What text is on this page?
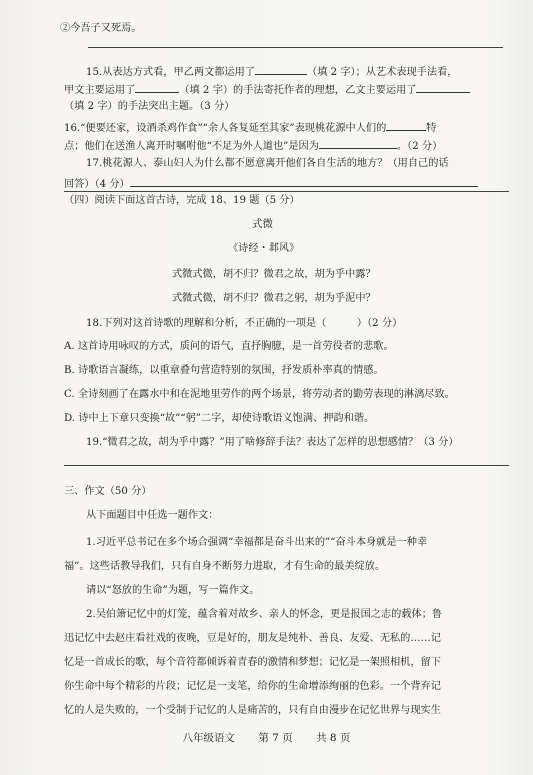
②今吾子又死焉。
15.从表达方式看，甲乙两文都运用了	（填 2 字）；从艺术表现手法看，
甲文主要运用了	（填 2 字）的手法寄托作者的理想，乙文主要运用了
（填 2 字）的手法突出主题。（3 分）
16.“便要还家，设酒杀鸡作食”“余人各复延至其家”表现桃花源中人们的	特
点；他们在送渔人离开时嘱咐他“不足为外人道也”是因为	。（2 分）
17.桃花源人、泰山妇人为什么都不愿意离开他们各自生活的地方？（用自己的话
回答）（4 分）
（四）阅读下面这首古诗，完成 18、19 题（5 分）
式微
《诗经・邶风》
式微式微，胡不归？微君之故，胡为乎中露？
式微式微，胡不归？微君之躬，胡为乎泥中？
18.下列对这首诗歌的理解和分析，不正确的一项是（　　　）（2 分）
A. 这首诗用咏叹的方式，质问的语气，直抒胸臆，是一首劳役者的悲歌。
B. 诗歌语言凝练，以重章叠句营造特别的氛围，抒发质朴率真的情感。
C. 全诗刻画了在露水中和在泥地里劳作的两个场景，将劳动者的勤劳表现的淋漓尽致。
D. 诗中上下章只变换“故”“躬”二字，却使诗歌语义饱满、押韵和谐。
19.“微君之故，胡为乎中露？”用了啥修辞手法？表达了怎样的思想感情？（3 分）
三、作文（50 分）
从下面题目中任选一题作文：
1.习近平总书记在多个场合强调“幸福都是奋斗出来的”“奋斗本身就是一种幸
福”。这些话教导我们，只有自身不断努力进取，才有生命的最美绽放。
请以“怒放的生命”为题，写一篇作文。
2.吴伯箫记忆中的灯笼，蕴含着对故乡、亲人的怀念，更是报国之志的载体；鲁
迅记忆中去赵庄看社戏的夜晚，豆是好的，朋友是纯朴、善良、友爱、无私的……记
忆是一首成长的歌，每个音符都倾诉着青春的激情和梦想；记忆是一架照相机，留下
你生命中每个精彩的片段；记忆是一支笔，给你的生命增添绚丽的色彩。一个背弃记
忆的人是失败的，一个受制于记忆的人是痛苦的，只有自由漫步在记忆世界与现实生
八年级语文 第 7 页 共 8 页
